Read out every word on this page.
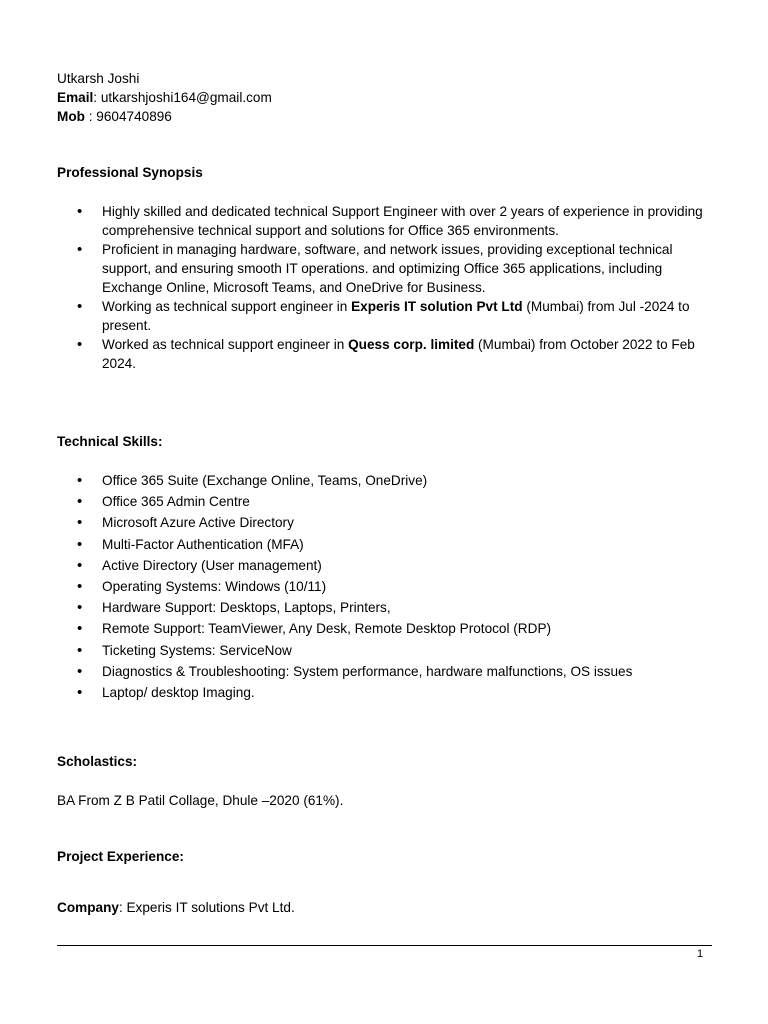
Utkarsh Joshi
Email: utkarshjoshi164@gmail.com
Mob : 9604740896
Professional Synopsis
• Highly skilled and dedicated technical Support Engineer with over 2 years of experience in providing comprehensive technical support and solutions for Office 365 environments.
• Proficient in managing hardware, software, and network issues, providing exceptional technical support, and ensuring smooth IT operations. and optimizing Office 365 applications, including Exchange Online, Microsoft Teams, and OneDrive for Business.
• Working as technical support engineer in Experis IT solution Pvt Ltd (Mumbai) from Jul -2024 to present.
• Worked as technical support engineer in Quess corp. limited (Mumbai) from October 2022 to Feb 2024.
Technical Skills:
• Office 365 Suite (Exchange Online, Teams, OneDrive)
• Office 365 Admin Centre
• Microsoft Azure Active Directory
• Multi-Factor Authentication (MFA)
• Active Directory (User management)
• Operating Systems: Windows (10/11)
• Hardware Support: Desktops, Laptops, Printers,
• Remote Support: TeamViewer, Any Desk, Remote Desktop Protocol (RDP)
• Ticketing Systems: ServiceNow
• Diagnostics & Troubleshooting: System performance, hardware malfunctions, OS issues
• Laptop/ desktop Imaging.
Scholastics:
BA From Z B Patil Collage, Dhule –2020 (61%).
Project Experience:
Company: Experis IT solutions Pvt Ltd.
1
